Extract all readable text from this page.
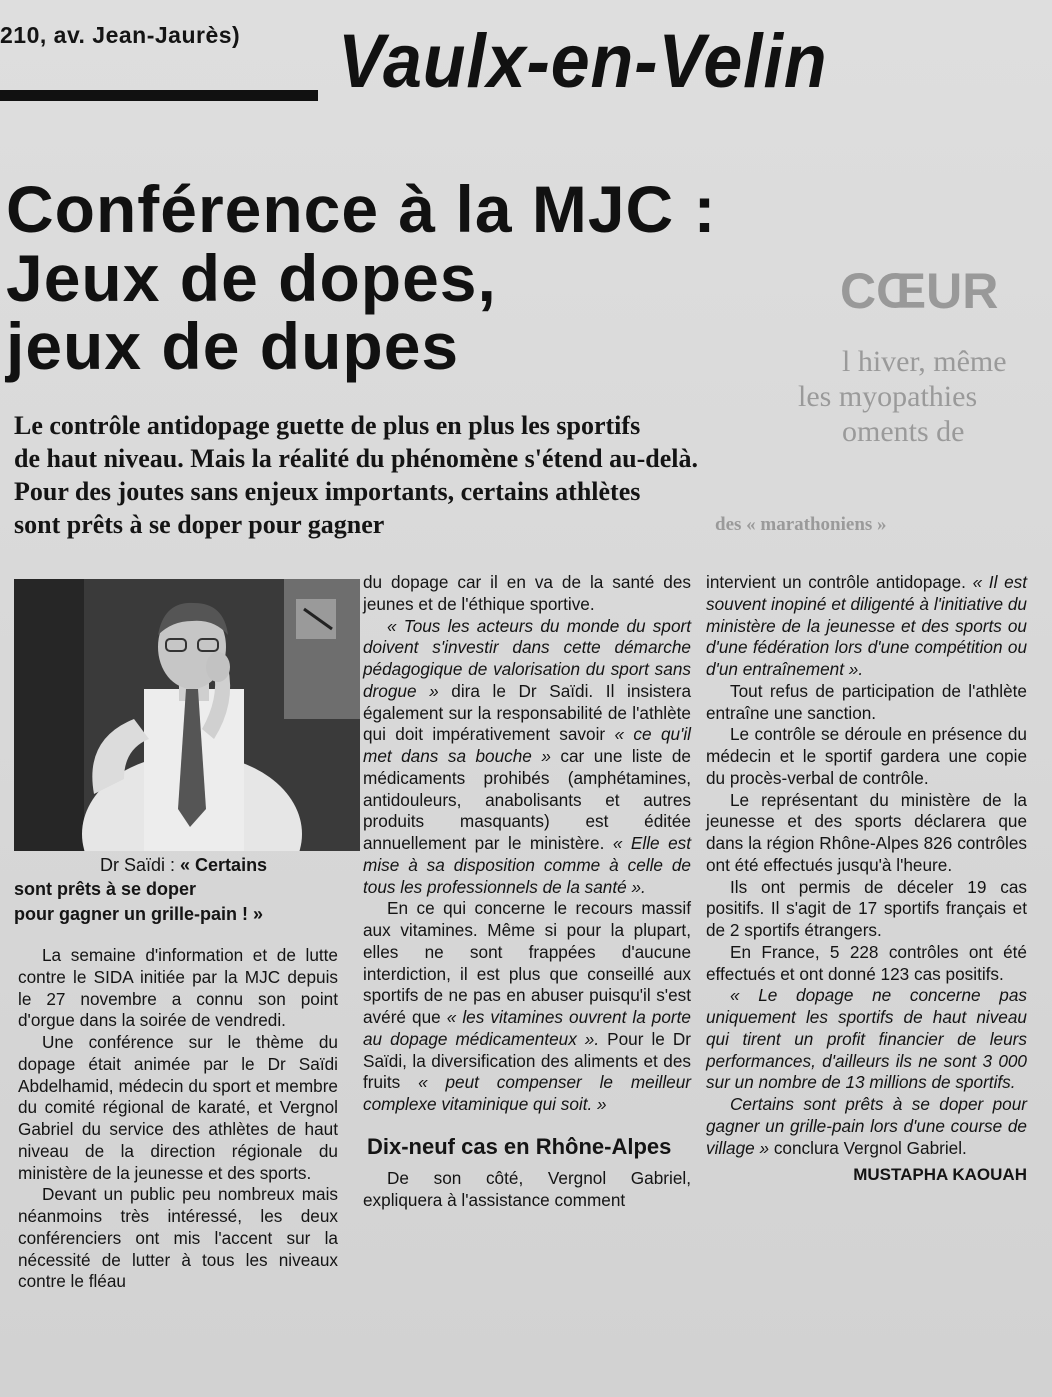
210, av. Jean-Jaurès) Vaulx-en-Velin
CŒUR
l hiver, même
les myopathies
oments de
des « marathoniens »
Conférence à la MJC :
Jeux de dopes,
jeux de dupes
Le contrôle antidopage guette de plus en plus les sportifs
de haut niveau. Mais la réalité du phénomène s'étend au-delà.
Pour des joutes sans enjeux importants, certains athlètes
sont prêts à se doper pour gagner
Dr Saïdi : « Certains
sont prêts à se doper
pour gagner un grille-pain ! »

La semaine d'information et de lutte contre le SIDA initiée par la MJC depuis le 27 novembre a connu son point d'orgue dans la soirée de vendredi.

Une conférence sur le thème du dopage était animée par le Dr Saïdi Abdelhamid, médecin du sport et membre du comité régional de karaté, et Vergnol Gabriel du service des athlètes de haut niveau de la direction régionale du ministère de la jeunesse et des sports.

Devant un public peu nombreux mais néanmoins très intéressé, les deux conférenciers ont mis l'accent sur la nécessité de lutter à tous les niveaux contre le fléau

du dopage car il en va de la santé des jeunes et de l'éthique sportive.

« Tous les acteurs du monde du sport doivent s'investir dans cette démarche pédagogique de valorisation du sport sans drogue » dira le Dr Saïdi. Il insistera également sur la responsabilité de l'athlète qui doit impérativement savoir « ce qu'il met dans sa bouche » car une liste de médicaments prohibés (amphétamines, antidouleurs, anabolisants et autres produits masquants) est éditée annuellement par le ministère. « Elle est mise à sa disposition comme à celle de tous les professionnels de la santé ».

En ce qui concerne le recours massif aux vitamines. Même si pour la plupart, elles ne sont frappées d'aucune interdiction, il est plus que conseillé aux sportifs de ne pas en abuser puisqu'il s'est avéré que « les vitamines ouvrent la porte au dopage médicamenteux ». Pour le Dr Saïdi, la diversification des aliments et des fruits « peut compenser le meilleur complexe vitaminique qui soit. »

Dix-neuf cas en Rhône-Alpes

De son côté, Vergnol Gabriel, expliquera à l'assistance comment

intervient un contrôle antidopage. « Il est souvent inopiné et diligenté à l'initiative du ministère de la jeunesse et des sports ou d'une fédération lors d'une compétition ou d'un entraînement ».

Tout refus de participation de l'athlète entraîne une sanction.

Le contrôle se déroule en présence du médecin et le sportif gardera une copie du procès-verbal de contrôle.

Le représentant du ministère de la jeunesse et des sports déclarera que dans la région Rhône-Alpes 826 contrôles ont été effectués jusqu'à l'heure.

Ils ont permis de déceler 19 cas positifs. Il s'agit de 17 sportifs français et de 2 sportifs étrangers.

En France, 5 228 contrôles ont été effectués et ont donné 123 cas positifs.

« Le dopage ne concerne pas uniquement les sportifs de haut niveau qui tirent un profit financier de leurs performances, d'ailleurs ils ne sont 3 000 sur un nombre de 13 millions de sportifs.

Certains sont prêts à se doper pour gagner un grille-pain lors d'une course de village » conclura Vergnol Gabriel.

MUSTAPHA KAOUAH
